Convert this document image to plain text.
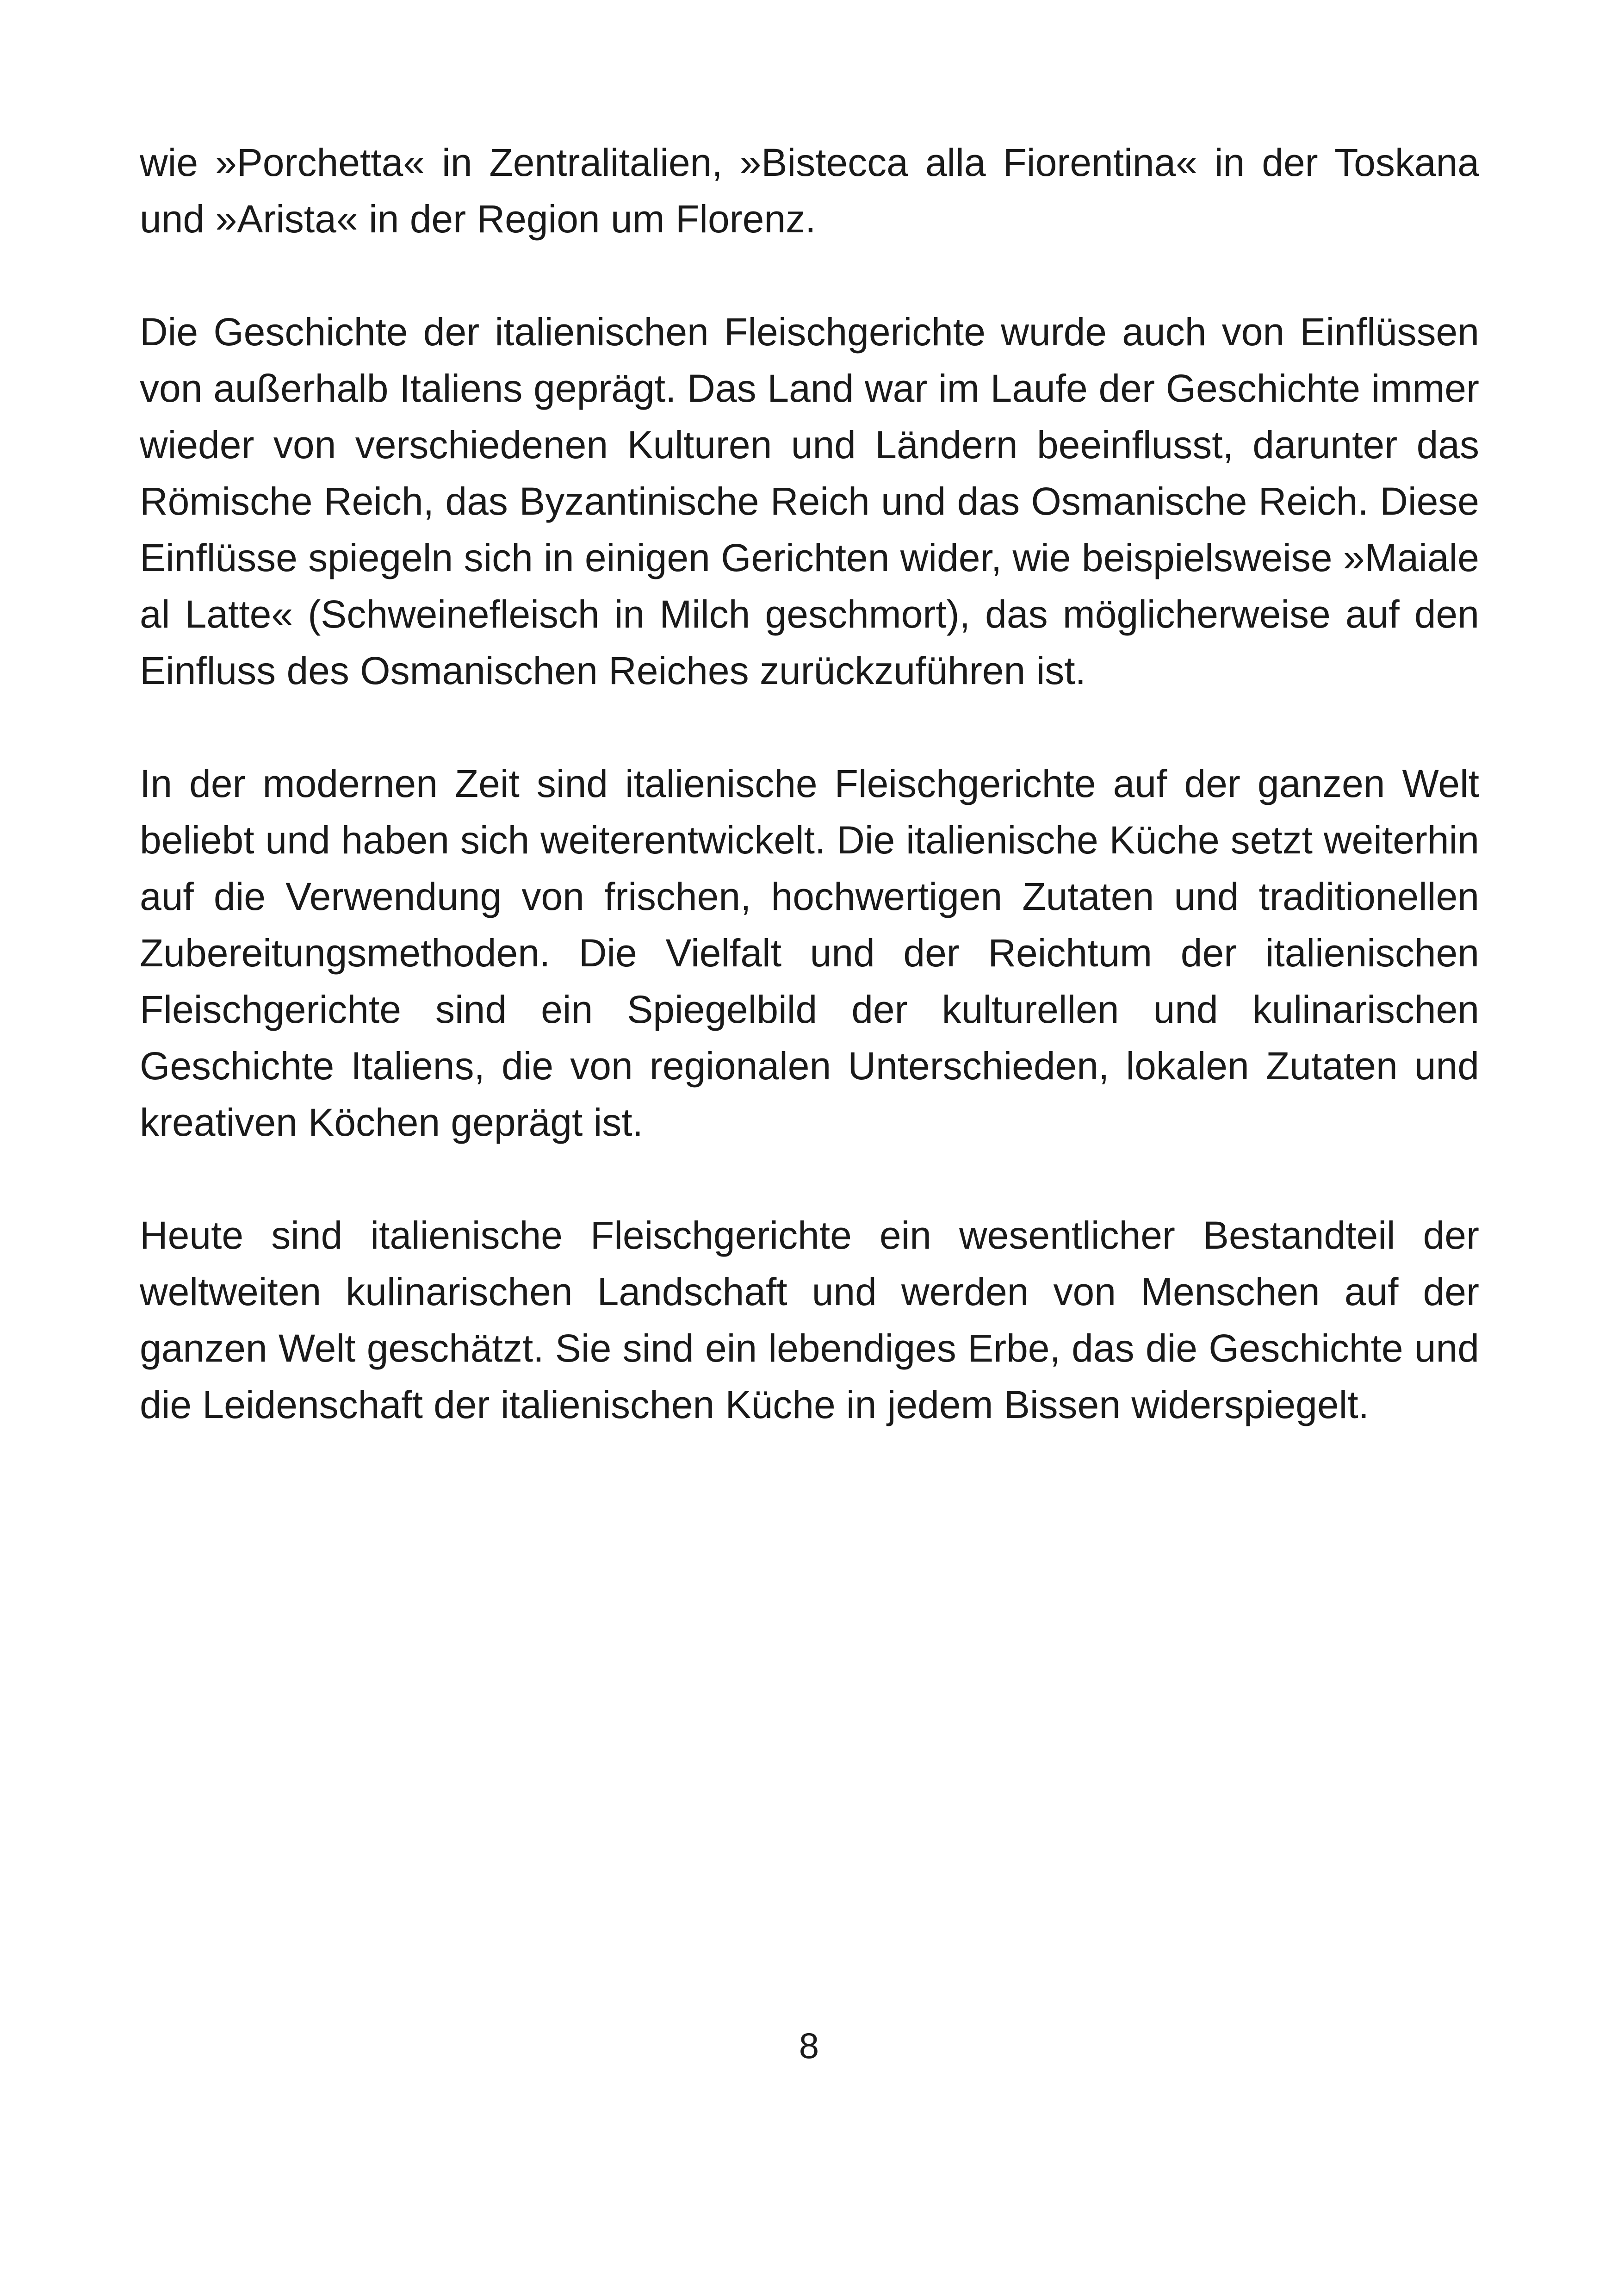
wie »Porchetta« in Zentralitalien, »Bistecca alla Fiorentina« in der Toskana und »Arista« in der Region um Florenz.

Die Geschichte der italienischen Fleischgerichte wurde auch von Einflüssen von außerhalb Italiens geprägt. Das Land war im Laufe der Geschichte immer wieder von verschiedenen Kulturen und Ländern beeinflusst, darunter das Römische Reich, das Byzantinische Reich und das Osmanische Reich. Diese Einflüsse spiegeln sich in einigen Gerichten wider, wie beispielsweise »Maiale al Latte« (Schweinefleisch in Milch geschmort), das möglicherweise auf den Einfluss des Osmanischen Reiches zurückzuführen ist.

In der modernen Zeit sind italienische Fleischgerichte auf der ganzen Welt beliebt und haben sich weiterentwickelt. Die italienische Küche setzt weiterhin auf die Verwendung von frischen, hochwertigen Zutaten und traditionellen Zubereitungsmethoden. Die Vielfalt und der Reichtum der italienischen Fleischgerichte sind ein Spiegelbild der kulturellen und kulinarischen Geschichte Italiens, die von regionalen Unterschieden, lokalen Zutaten und kreativen Köchen geprägt ist.

Heute sind italienische Fleischgerichte ein wesentlicher Bestandteil der weltweiten kulinarischen Landschaft und werden von Menschen auf der ganzen Welt geschätzt. Sie sind ein lebendiges Erbe, das die Geschichte und die Leidenschaft der italienischen Küche in jedem Bissen widerspiegelt.

8
